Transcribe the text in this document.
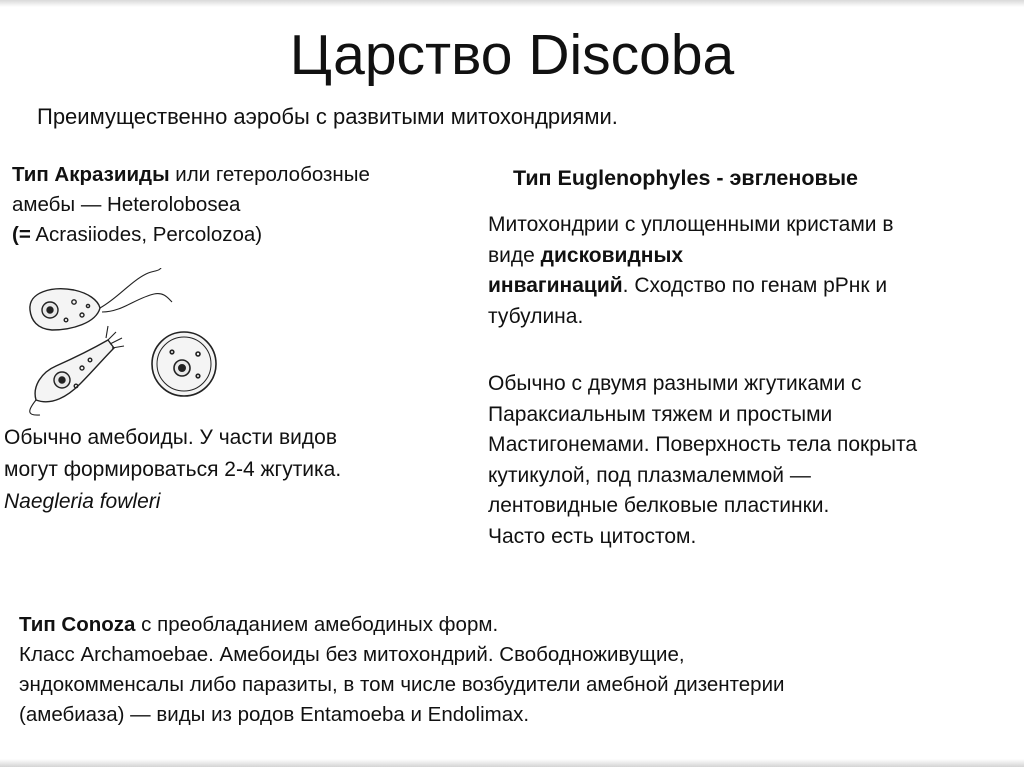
Царство Discoba
Преимущественно аэробы с развитыми митохондриями.
Тип Акразииды или гетеролобозные
амебы — Heterolobosea
(= Acrasiiodes, Percolozoa)
Обычно амебоиды. У части видов
могут формироваться 2-4 жгутика.
Naegleria fowleri
Тип Euglenophyles - эвгленовые
Митохондрии с уплощенными кристами в
виде дисковидных
инвагинаций. Сходство по генам рРнк и
тубулина.
Обычно с двумя разными жгутиками с
Параксиальным тяжем и простыми
Мастигонемами. Поверхность тела покрыта
кутикулой, под плазмалеммой —
лентовидные белковые пластинки.
Часто есть цитостом.
Тип Conoza с преобладанием амебодиных форм.
Класс Archamoebae. Амебоиды без митохондрий. Свободноживущие,
эндокомменсалы либо паразиты, в том числе возбудители амебной дизентерии
(амебиаза) — виды из родов Entamoeba и Endolimax.
